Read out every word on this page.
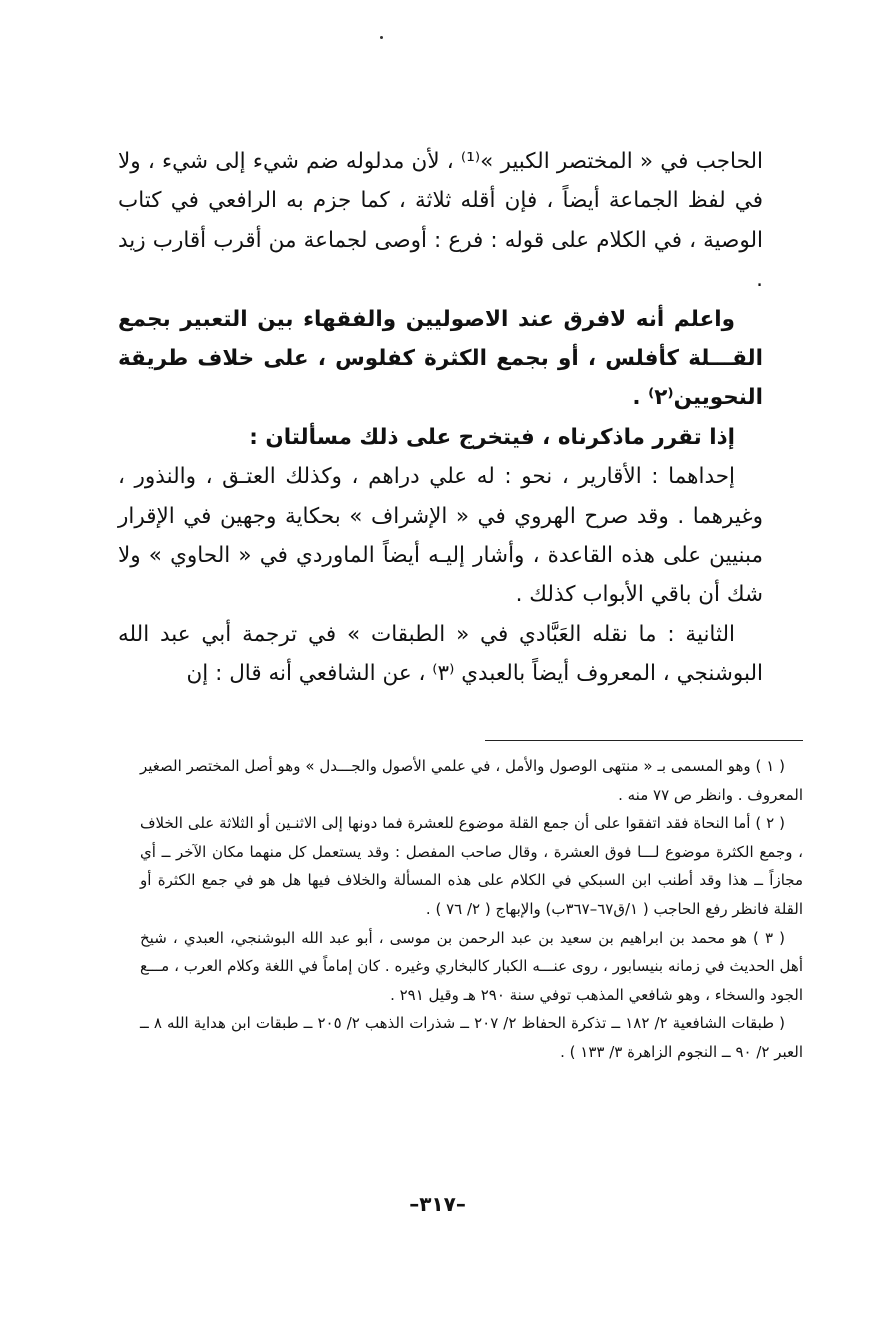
الحاجب في « المختصر الكبير »⁽¹⁾ ، لأن مدلوله ضم شيء إلى شيء ، ولا في لفظ الجماعة أيضاً ، فإن أقله ثلاثة ، كما جزم به الرافعي في كتاب الوصية ، في الكلام على قوله : فرع : أوصى لجماعة من أقرب أقارب زيد .

واعلم أنه لافرق عند الاصوليين والفقهاء بين التعبير بجمع القـــلة كأفلس ، أو بجمع الكثرة كفلوس ، على خلاف طريقة النحويين⁽٢⁾ .

إذا تقرر ماذكرناه ، فيتخرج على ذلك مسألتان :

إحداهما : الأقارير ، نحو : له علي دراهم ، وكذلك العتـق ، والنذور ، وغيرهما . وقد صرح الهروي في « الإشراف » بحكاية وجهين في الإقرار مبنيين على هذه القاعدة ، وأشار إليـه أيضاً الماوردي في « الحاوي » ولا شك أن باقي الأبواب كذلك .

الثانية : ما نقله العَبَّادي في « الطبقات » في ترجمة أبي عبد الله البوشنجي ، المعروف أيضاً بالعبدي ⁽٣⁾ ، عن الشافعي أنه قال : إن

( ١ ) وهو المسمى بـ « منتهى الوصول والأمل ، في علمي الأصول والجـــدل » وهو أصل المختصر الصغير المعروف . وانظر ص ٧٧ منه .

( ٢ ) أما النحاة فقد اتفقوا على أن جمع القلة موضوع للعشرة فما دونها إلى الاثنـين أو الثلاثة على الخلاف ، وجمع الكثرة موضوع لـــا فوق العشرة ، وقال صاحب المفصل : وقد يستعمل كل منهما مكان الآخر ــ أي مجازاً ــ هذا وقد أطنب ابن السبكي في الكلام على هذه المسألة والخلاف فيها هل هو في جمع الكثرة أو القلة فانظر رفع الحاجب ( ١/ق٦٧–٣٦٧ب) والإبهاج ( ٢/ ٧٦ ) .

( ٣ ) هو محمد بن ابراهيم بن سعيد بن عبد الرحمن بن موسى ، أبو عبد الله البوشنجي، العبدي ، شيخ أهل الحديث في زمانه بنيسابور ، روى عنـــه الكبار كالبخاري وغيره . كان إماماً في اللغة وكلام العرب ، مـــع الجود والسخاء ، وهو شافعي المذهب توفي سنة ٢٩٠ هـ وقيل ٢٩١ .

( طبقات الشافعية ٢/ ١٨٢ ــ تذكرة الحفاظ ٢/ ٢٠٧ ــ شذرات الذهب ٢/ ٢٠٥ ــ طبقات ابن هداية الله ٨ ــ العبر ٢/ ٩٠ ــ النجوم الزاهرة ٣/ ١٣٣ ) .

–٣١٧–
